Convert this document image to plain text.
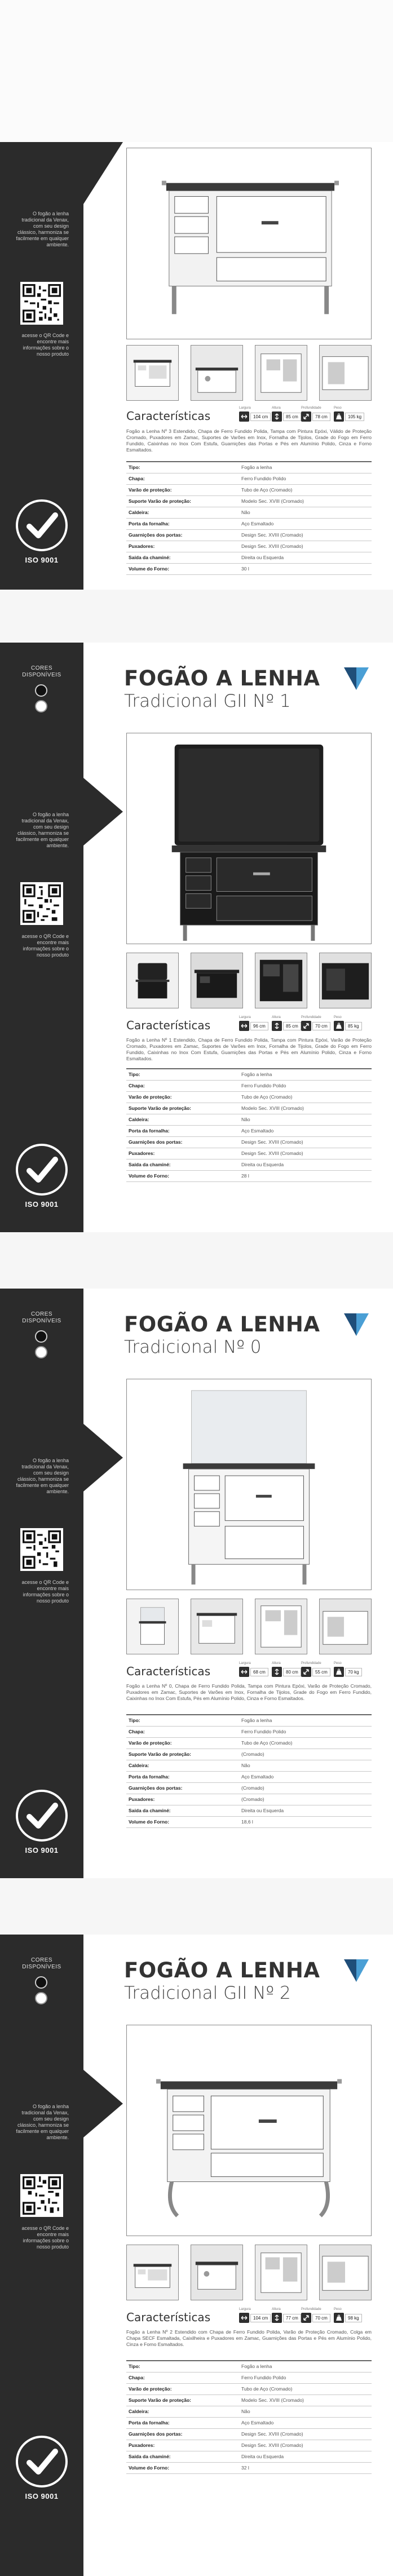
O fogão a lenha tradicional da Venax, com seu design clássico, harmoniza se facilmente em qualquer ambiente.
acesse o QR Code e encontre mais informações sobre o nosso produto
ISO 9001
Características
Largura
104 cm
Altura
85 cm
Profundidade
78 cm
Peso
105 kg
Fogão a Lenha Nº 3 Estendido, Chapa de Ferro Fundido Polida, Tampa com Pintura Epóxi, Válido de Proteção Cromado, Puxadores em Zamac, Suportes de Varões em Inox, Fornalha de Tijolos, Grade do Fogo em Ferro Fundido, Caixinhas no Inox Com Estufa, Guarnições das Portas e Pés em Alumínio Polido, Cinza e Forno Esmaltados.
Tipo:	Fogão a lenha
Chapa:	Ferro Fundido Polido
Varão de proteção:	Tubo de Aço (Cromado)
Suporte Varão de proteção:	Modelo Sec. XVIII (Cromado)
Caldeira:	Não
Porta da fornalha:	Aço Esmaltado
Guarnições dos portas:	Design Sec. XVIII (Cromado)
Puxadores:	Design Sec. XVIII (Cromado)
Saída da chaminé:	Direita ou Esquerda
Volume do Forno:	30 l
CORES
DISPONÍVEIS
O fogão a lenha tradicional da Venax, com seu design clássico, harmoniza se facilmente em qualquer ambiente.
acesse o QR Code e encontre mais informações sobre o nosso produto
ISO 9001
FOGÃO A LENHA
Tradicional GII Nº 1
Características
Largura
96 cm
Altura
85 cm
Profundidade
70 cm
Peso
85 kg
Fogão a Lenha Nº 1 Estendido, Chapa de Ferro Fundido Polida, Tampa com Pintura Epóxi, Varão de Proteção Cromado, Puxadores em Zamac, Suportes de Varões em Inox, Fornalha de Tijolos, Grade do Fogo em Ferro Fundido, Caixinhas no Inox Com Estufa, Guarnições das Portas e Pés em Alumínio Polido, Cinza e Forno Esmaltados.
Tipo:	Fogão a lenha
Chapa:	Ferro Fundido Polido
Varão de proteção:	Tubo de Aço (Cromado)
Suporte Varão de proteção:	Modelo Sec. XVIII (Cromado)
Caldeira:	Não
Porta da fornalha:	Aço Esmaltado
Guarnições dos portas:	Design Sec. XVIII (Cromado)
Puxadores:	Design Sec. XVIII (Cromado)
Saída da chaminé:	Direita ou Esquerda
Volume do Forno:	28 l
CORES
DISPONÍVEIS
O fogão a lenha tradicional da Venax, com seu design clássico, harmoniza se facilmente em qualquer ambiente.
acesse o QR Code e encontre mais informações sobre o nosso produto
ISO 9001
FOGÃO A LENHA
Tradicional Nº 0
Características
Largura
68 cm
Altura
80 cm
Profundidade
55 cm
Peso
70 kg
Fogão a Lenha Nº 0, Chapa de Ferro Fundido Polida, Tampa com Pintura Epóxi, Varão de Proteção Cromado, Puxadores em Zamac, Suportes de Varões em Inox, Fornalha de Tijolos, Grade do Fogo em Ferro Fundido, Caixinhas no Inox Com Estufa, Pés em Alumínio Polido, Cinza e Forno Esmaltados.
Tipo:	Fogão a lenha
Chapa:	Ferro Fundido Polido
Varão de proteção:	Tubo de Aço (Cromado)
Suporte Varão de proteção:	(Cromado)
Caldeira:	Não
Porta da fornalha:	Aço Esmaltado
Guarnições dos portas:	(Cromado)
Puxadores:	(Cromado)
Saída da chaminé:	Direita ou Esquerda
Volume do Forno:	18,6 l
CORES
DISPONÍVEIS
O fogão a lenha tradicional da Venax, com seu design clássico, harmoniza se facilmente em qualquer ambiente.
acesse o QR Code e encontre mais informações sobre o nosso produto
ISO 9001
FOGÃO A LENHA
Tradicional GII Nº 2
Características
Largura
104 cm
Altura
77 cm
Profundidade
70 cm
Peso
98 kg
Fogão a Lenha Nº 2 Estendido com Chapa de Ferro Fundido Polida, Varão de Proteção Cromado, Colga em Chapa SECF Esmaltada, Caixilheira e Puxadores em Zamac, Guarnições das Portas e Pés em Alumínio Polido, Cinza e Forno Esmaltados.
Tipo:	Fogão a lenha
Chapa:	Ferro Fundido Polido
Varão de proteção:	Tubo de Aço (Cromado)
Suporte Varão de proteção:	Modelo Sec. XVIII (Cromado)
Caldeira:	Não
Porta da fornalha:	Aço Esmaltado
Guarnições dos portas:	Design Sec. XVIII (Cromado)
Puxadores:	Design Sec. XVIII (Cromado)
Saída da chaminé:	Direita ou Esquerda
Volume do Forno:	32 l
